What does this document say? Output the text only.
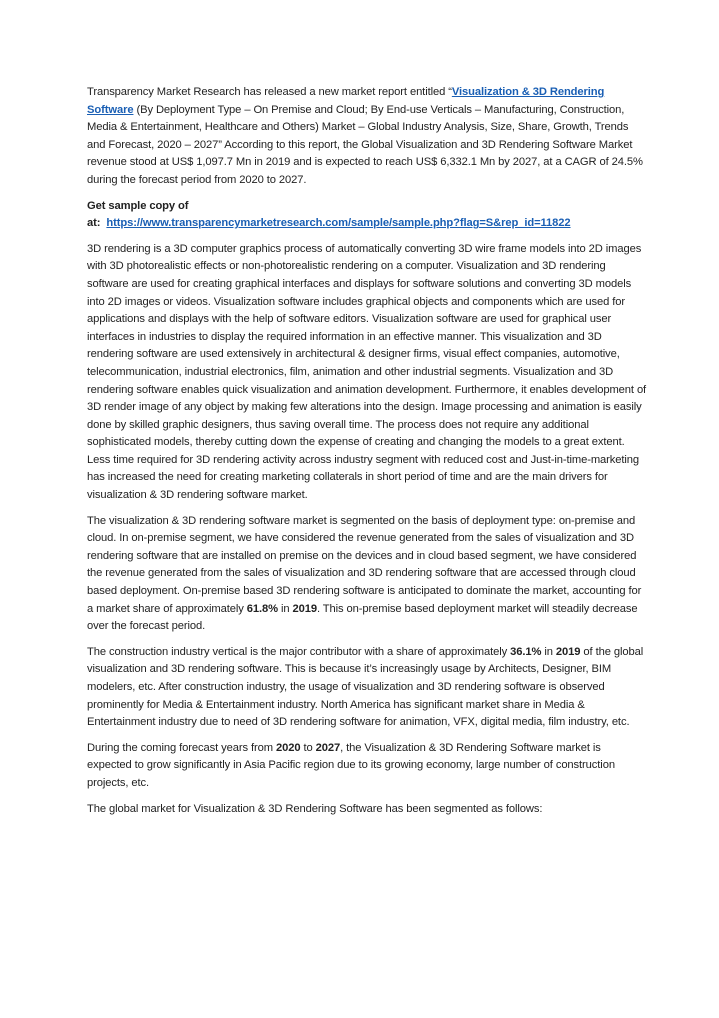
Transparency Market Research has released a new market report entitled “Visualization & 3D Rendering Software (By Deployment Type – On Premise and Cloud; By End-use Verticals – Manufacturing, Construction, Media & Entertainment, Healthcare and Others) Market – Global Industry Analysis, Size, Share, Growth, Trends and Forecast, 2020 – 2027” According to this report, the Global Visualization and 3D Rendering Software Market revenue stood at US$ 1,097.7 Mn in 2019 and is expected to reach US$ 6,332.1 Mn by 2027, at a CAGR of 24.5% during the forecast period from 2020 to 2027.

Get sample copy of
at: https://www.transparencymarketresearch.com/sample/sample.php?flag=S&rep_id=11822

3D rendering is a 3D computer graphics process of automatically converting 3D wire frame models into 2D images with 3D photorealistic effects or non-photorealistic rendering on a computer. Visualization and 3D rendering software are used for creating graphical interfaces and displays for software solutions and converting 3D models into 2D images or videos. Visualization software includes graphical objects and components which are used for applications and displays with the help of software editors. Visualization software are used for graphical user interfaces in industries to display the required information in an effective manner. This visualization and 3D rendering software are used extensively in architectural & designer firms, visual effect companies, automotive, telecommunication, industrial electronics, film, animation and other industrial segments. Visualization and 3D rendering software enables quick visualization and animation development. Furthermore, it enables development of 3D render image of any object by making few alterations into the design. Image processing and animation is easily done by skilled graphic designers, thus saving overall time. The process does not require any additional sophisticated models, thereby cutting down the expense of creating and changing the models to a great extent. Less time required for 3D rendering activity across industry segment with reduced cost and Just-in-time-marketing has increased the need for creating marketing collaterals in short period of time and are the main drivers for visualization & 3D rendering software market.

The visualization & 3D rendering software market is segmented on the basis of deployment type: on-premise and cloud. In on-premise segment, we have considered the revenue generated from the sales of visualization and 3D rendering software that are installed on premise on the devices and in cloud based segment, we have considered the revenue generated from the sales of visualization and 3D rendering software that are accessed through cloud based deployment. On-premise based 3D rendering software is anticipated to dominate the market, accounting for a market share of approximately 61.8% in 2019. This on-premise based deployment market will steadily decrease over the forecast period.

The construction industry vertical is the major contributor with a share of approximately 36.1% in 2019 of the global visualization and 3D rendering software. This is because it’s increasingly usage by Architects, Designer, BIM modelers, etc. After construction industry, the usage of visualization and 3D rendering software is observed prominently for Media & Entertainment industry. North America has significant market share in Media & Entertainment industry due to need of 3D rendering software for animation, VFX, digital media, film industry, etc.

During the coming forecast years from 2020 to 2027, the Visualization & 3D Rendering Software market is expected to grow significantly in Asia Pacific region due to its growing economy, large number of construction projects, etc.

The global market for Visualization & 3D Rendering Software has been segmented as follows:
